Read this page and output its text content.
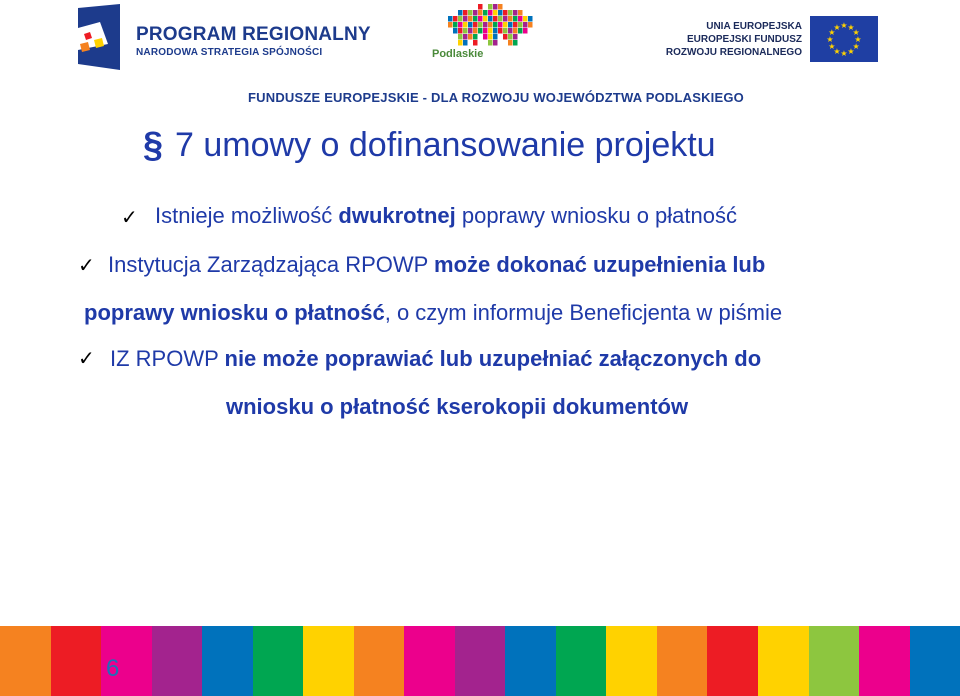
PROGRAM REGIONALNY
NARODOWA STRATEGIA SPÓJNOŚCI	Podlaskie
UNIA EUROPEJSKA
EUROPEJSKI FUNDUSZ
ROZWOJU REGIONALNEGO
★
★
★
★
★
★
★
★
★ ★ ★
★
FUNDUSZE EUROPEJSKIE - DLA ROZWOJU WOJEWÓDZTWA PODLASKIEGO
§ 7 umowy o dofinansowanie projektu
✓ Istnieje możliwość dwukrotnej poprawy wniosku o płatność
✓ Instytucja Zarządzająca RPOWP może dokonać uzupełnienia lub
poprawy wniosku o płatność, o czym informuje Beneficjenta w piśmie
✓ IZ RPOWP nie może poprawiać lub uzupełniać załączonych do
wniosku o płatność kserokopii dokumentów
6
